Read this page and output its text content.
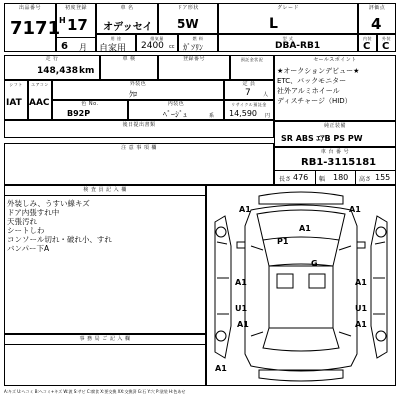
出品番号
7171
初度登録
H 17
6 月
車 名
オデッセイ
ドア形状
5W
グレード
L
評価点
4
用 途
自家用
排気量
2400 cc
燃 料
ｶﾞｿﾘﾝ
型 式
DBA-RB1
内装
C
外装
C
走 行
148,438 km
車 検	登録番号	預託金状況
シフト
IAT
エアコン
AAC
外装色
ｸﾛ
定 員
7 人
色 No.
B92P
内装色
ﾍﾞｰｼﾞｭ	系
リサイクル預託金
14,590 円
後日提出書類
セールスポイント
★オークションデビュー★
ETC、バックモニター
社外アルミホイール
ディスチャージ（HID）
純正装備
SR ABS ｴｱB PS PW
注 意 事 項 欄
車 台 番 号
RB1-3115181
長さ 476 幅 180 高さ 155
検 査 員 記 入 欄
外装しみ、うすい線キズ
ドア内張すれ中
天張汚れ
シートしわ
コンソール切れ・破れ小、すれ
バンパー下A
事 務 局 ご 記 入 欄
A1	A1
A1
P1
G
A1
U1
A1
A1
U1
A1
A1
A:キズ U:ヘコミ B:ヘコミ+キズ W:波 S:サビ C:腐食 X:要交換 XX:交換済 G:石 Y:穴 P:塗装 H:色あせ
